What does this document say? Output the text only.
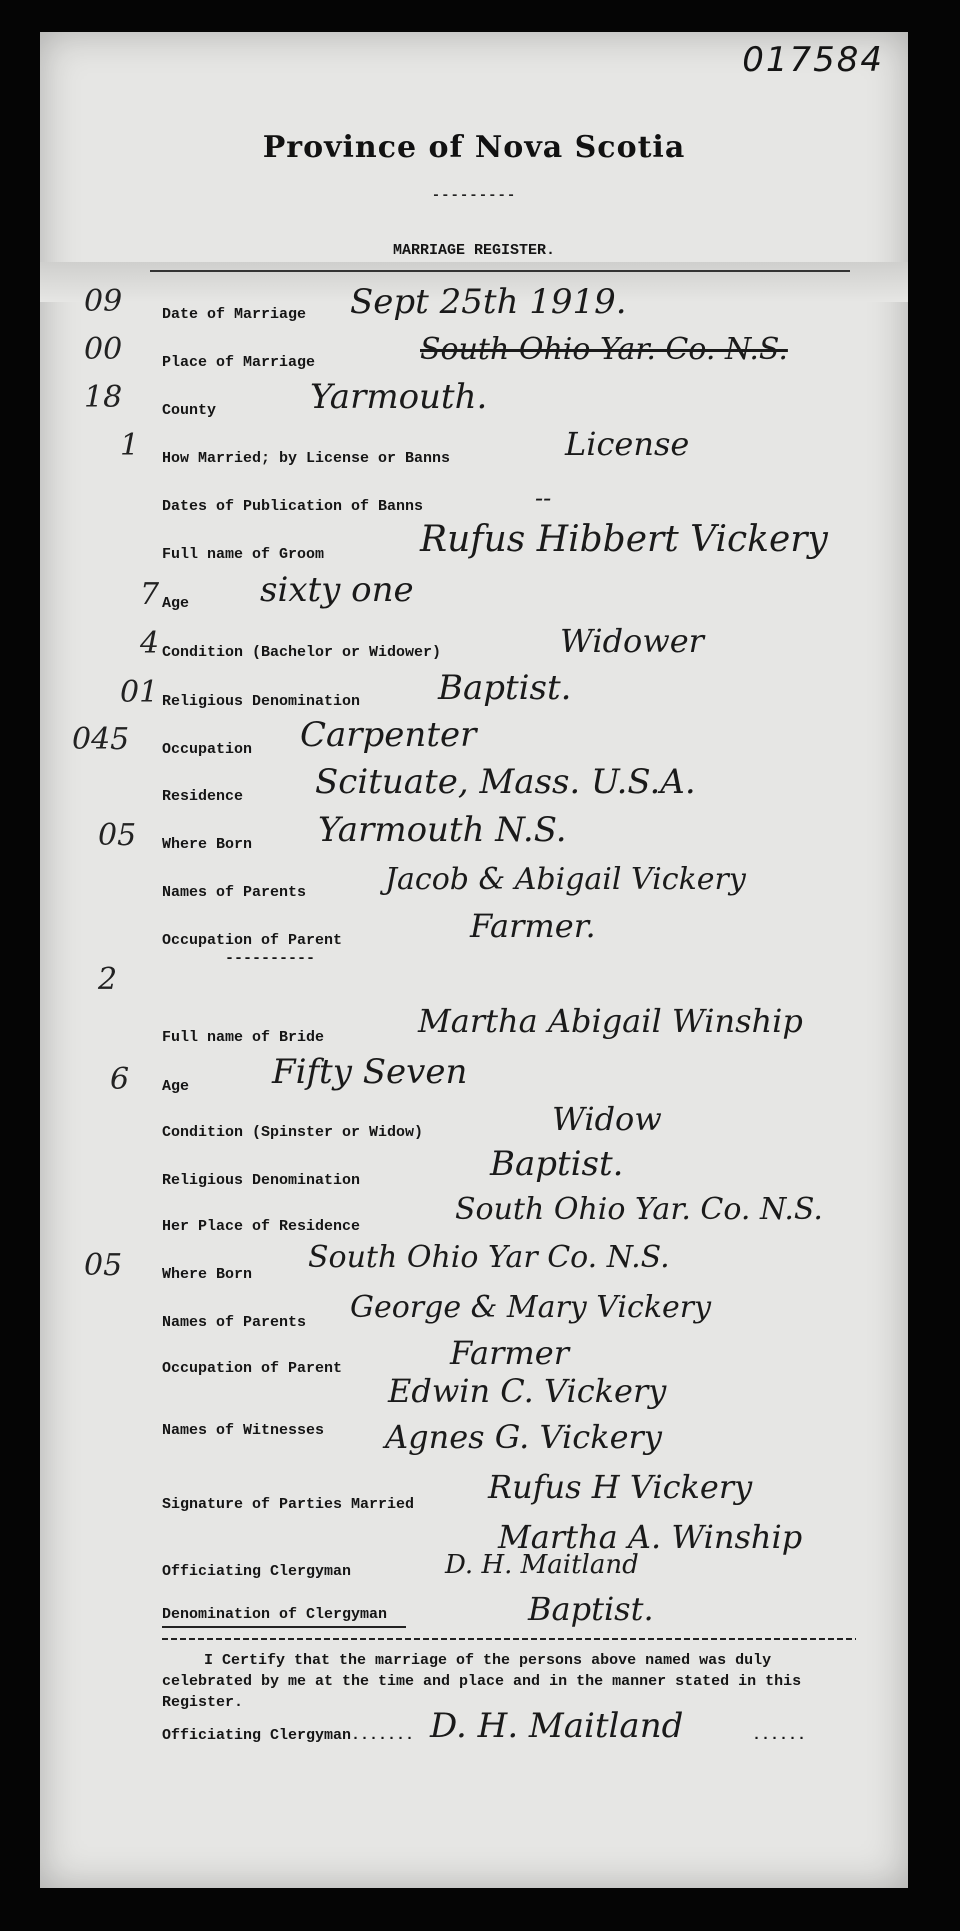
017584
Province of Nova Scotia
---------
MARRIAGE REGISTER.
09	Date of Marriage Sept 25th 1919.
00	Place of Marriage	South Ohio Yar. Co. N.S.
18	County	Yarmouth.
1 How Married; by License or Banns	License
Dates of Publication of Banns	--
Full name of Groom	Rufus Hibbert Vickery
7 Age sixty one
4 Condition (Bachelor or Widower)	Widower
01 Religious Denomination Baptist.
045 Occupation Carpenter
Residence Scituate, Mass. U.S.A.
05 Where Born Yarmouth N.S.
Names of Parents	Jacob & Abigail Vickery
Occupation of Parent	Farmer.
2
----------
Full name of Bride	Martha Abigail Winship
6 Age Fifty Seven
Condition (Spinster or Widow)	Widow
Religious Denomination	Baptist.
Her Place of Residence	South Ohio Yar. Co. N.S.
05	Where Born South Ohio Yar Co. N.S.
Names of Parents George & Mary Vickery
Occupation of Parent	Farmer
Names of Witnesses
Edwin C. Vickery
Agnes G. Vickery
Signature of Parties Married Rufus H Vickery
Martha A. Winship
Officiating Clergyman	D. H. Maitland
Denomination of Clergyman	Baptist.
I Certify that the marriage of the persons above named was duly celebrated by me at the time and place and in the manner stated in this Register.
Officiating Clergyman....... D. H. Maitland	......
